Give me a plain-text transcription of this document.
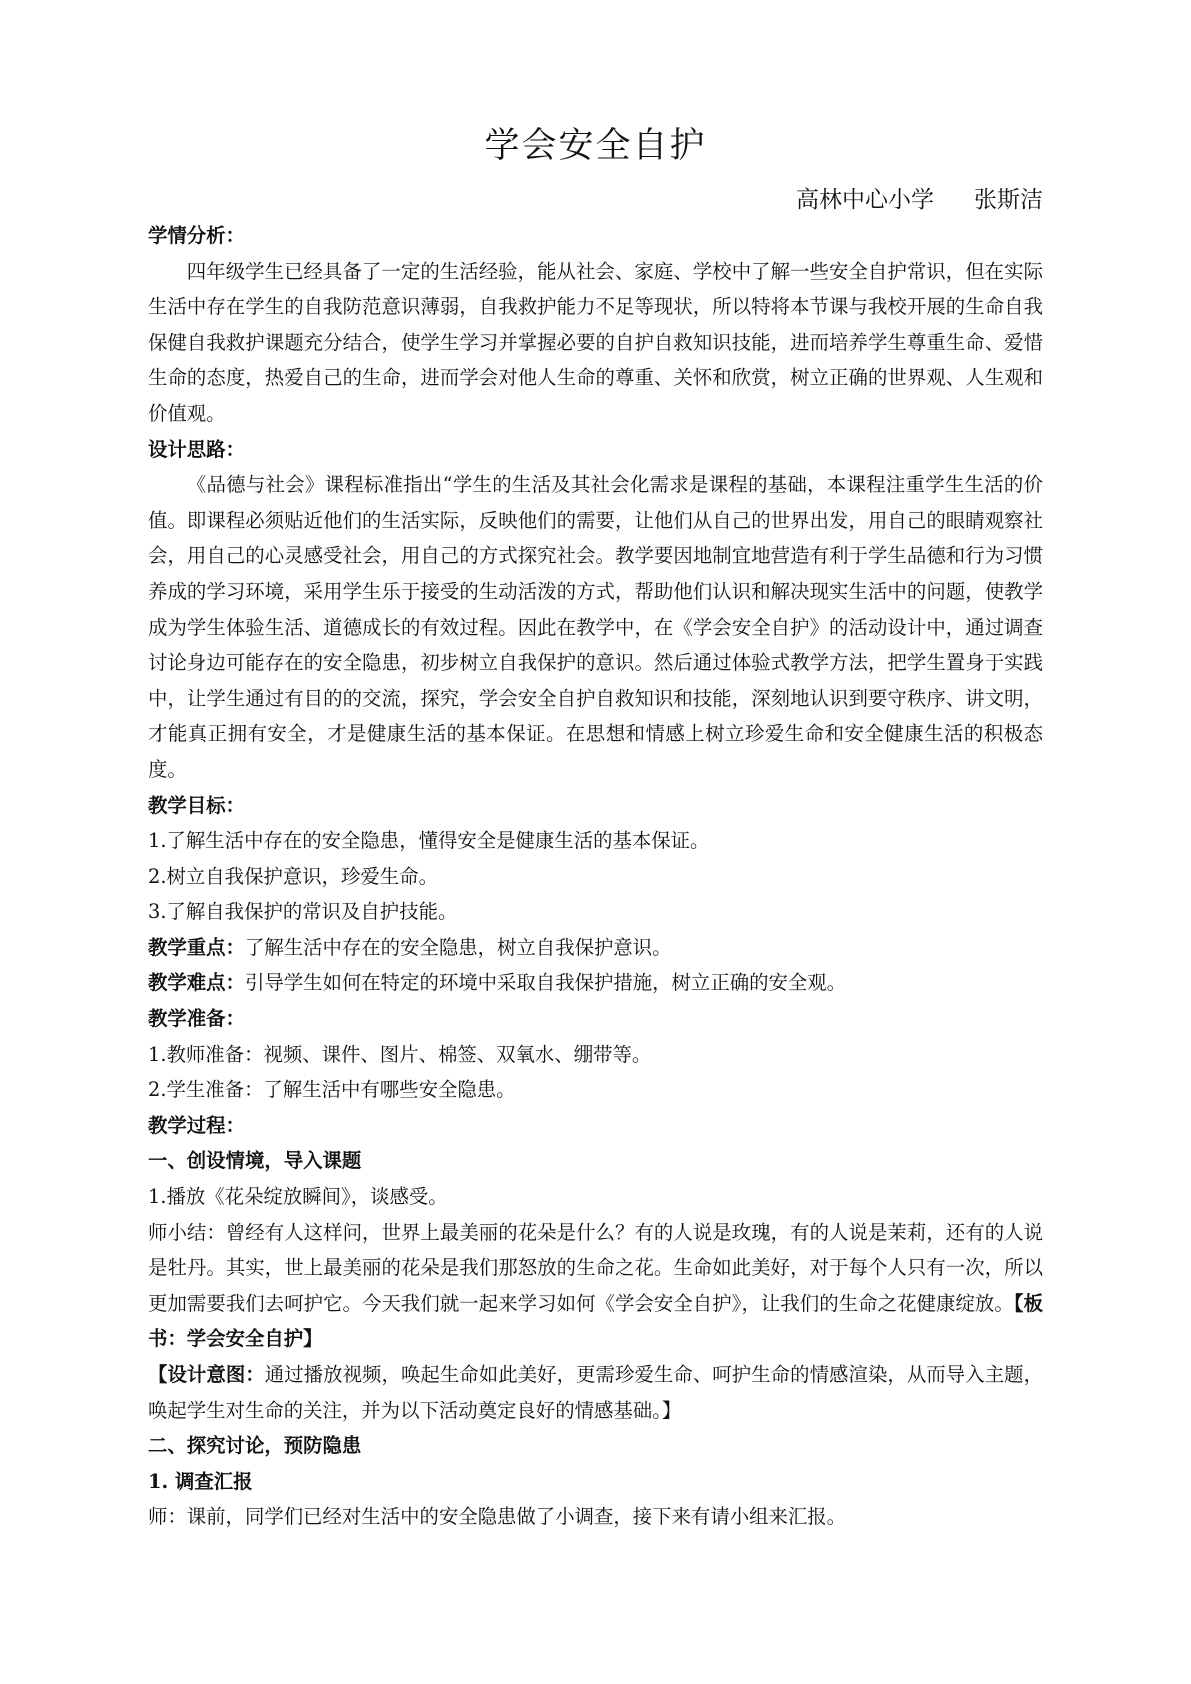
学会安全自护
高林中心小学 张斯洁

学情分析：

四年级学生已经具备了一定的生活经验，能从社会、家庭、学校中了解一些安全自护常识，但在实际生活中存在学生的自我防范意识薄弱，自我救护能力不足等现状，所以特将本节课与我校开展的生命自我保健自我救护课题充分结合，使学生学习并掌握必要的自护自救知识技能，进而培养学生尊重生命、爱惜生命的态度，热爱自己的生命，进而学会对他人生命的尊重、关怀和欣赏，树立正确的世界观、人生观和价值观。

设计思路：

《品德与社会》课程标准指出“学生的生活及其社会化需求是课程的基础，本课程注重学生生活的价值。即课程必须贴近他们的生活实际，反映他们的需要，让他们从自己的世界出发，用自己的眼睛观察社会，用自己的心灵感受社会，用自己的方式探究社会。教学要因地制宜地营造有利于学生品德和行为习惯养成的学习环境，采用学生乐于接受的生动活泼的方式，帮助他们认识和解决现实生活中的问题，使教学成为学生体验生活、道德成长的有效过程。因此在教学中，在《学会安全自护》的活动设计中，通过调查讨论身边可能存在的安全隐患，初步树立自我保护的意识。然后通过体验式教学方法，把学生置身于实践中，让学生通过有目的的交流，探究，学会安全自护自救知识和技能，深刻地认识到要守秩序、讲文明，才能真正拥有安全，才是健康生活的基本保证。在思想和情感上树立珍爱生命和安全健康生活的积极态度。

教学目标：

1.了解生活中存在的安全隐患，懂得安全是健康生活的基本保证。

2.树立自我保护意识，珍爱生命。

3.了解自我保护的常识及自护技能。

教学重点：了解生活中存在的安全隐患，树立自我保护意识。

教学难点：引导学生如何在特定的环境中采取自我保护措施，树立正确的安全观。

教学准备：

1.教师准备：视频、课件、图片、棉签、双氧水、绷带等。

2.学生准备：了解生活中有哪些安全隐患。

教学过程：

一、创设情境，导入课题

1.播放《花朵绽放瞬间》，谈感受。

师小结：曾经有人这样问，世界上最美丽的花朵是什么？有的人说是玫瑰，有的人说是茉莉，还有的人说是牡丹。其实，世上最美丽的花朵是我们那怒放的生命之花。生命如此美好，对于每个人只有一次，所以更加需要我们去呵护它。今天我们就一起来学习如何《学会安全自护》，让我们的生命之花健康绽放。【板书：学会安全自护】

【设计意图：通过播放视频，唤起生命如此美好，更需珍爱生命、呵护生命的情感渲染，从而导入主题，唤起学生对生命的关注，并为以下活动奠定良好的情感基础。】

二、探究讨论，预防隐患

1. 调查汇报

师：课前，同学们已经对生活中的安全隐患做了小调查，接下来有请小组来汇报。
